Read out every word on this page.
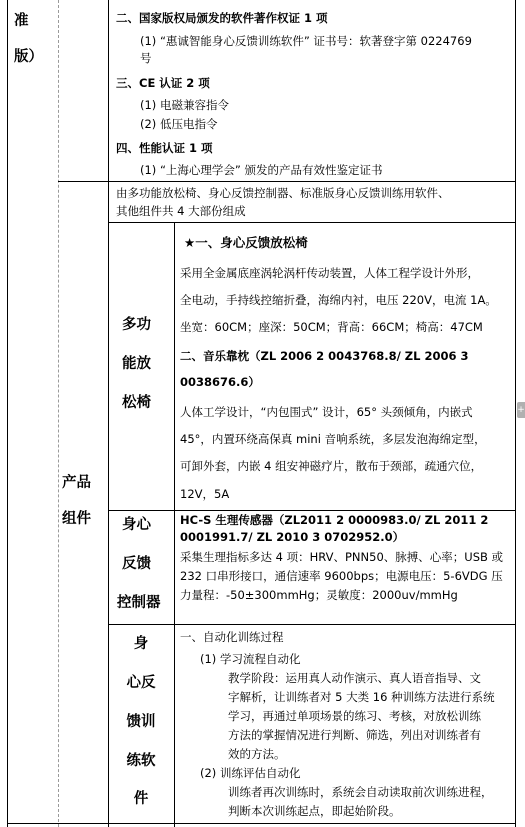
准
版）
二、国家版权局颁发的软件著作权证 1 项
(1) “惠诚智能身心反馈训练软件” 证书号：软著登字第 0224769
号
三、CE 认证 2 项
(1) 电磁兼容指令
(2) 低压电指令
四、性能认证 1 项
(1) “上海心理学会” 颁发的产品有效性鉴定证书
产品
组件
由多功能放松椅、身心反馈控制器、标准版身心反馈训练用软件、
其他组件共 4 大部份组成
多功
能放
松椅
★一、身心反馈放松椅
采用全金属底座涡轮涡杆传动装置，人体工程学设计外形，
全电动，手持线控缩折叠，海绵内衬，电压 220V，电流 1A。
坐宽：60CM；座深：50CM；背高：66CM；椅高：47CM
二、音乐靠枕（ZL 2006 2 0043768.8/ ZL 2006 3
0038676.6）
人体工学设计，“内包围式” 设计，65° 头颈倾角，内嵌式
45°，内置环绕高保真 mini 音响系统，多层发泡海绵定型，
可卸外套，内嵌 4 组安神磁疗片，散布于颈部，疏通穴位，
12V，5A
身心
反馈
控制器
HC-S 生理传感器（ZL2011 2 0000983.0/ ZL 2011 2
0001991.7/ ZL 2010 3 0702952.0）
采集生理指标多达 4 项：HRV、PNN50、脉搏、心率；USB 或
232 口串形接口，通信速率 9600bps；电源电压：5-6VDG 压
力量程：-50±300mmHg；灵敏度：2000uv/mmHg
身
心反
馈训
练软
件
一、自动化训练过程
(1) 学习流程自动化
教学阶段：运用真人动作演示、真人语音指导、文
字解析，让训练者对 5 大类 16 种训练方法进行系统
学习，再通过单项场景的练习、考核，对放松训练
方法的掌握情况进行判断、筛选，列出对训练者有
效的方法。
(2) 训练评估自动化
训练者再次训练时，系统会自动读取前次训练进程，
判断本次训练起点，即起始阶段。
+
